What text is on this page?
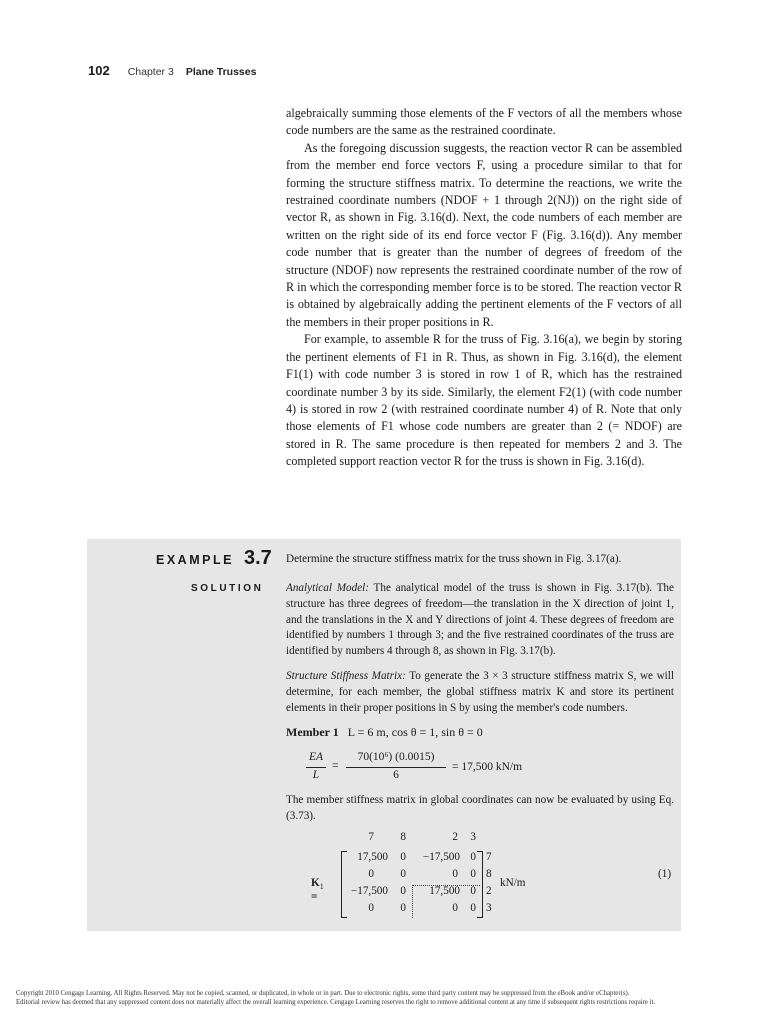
102 Chapter 3 Plane Trusses

algebraically summing those elements of the F vectors of all the members whose code numbers are the same as the restrained coordinate.

As the foregoing discussion suggests, the reaction vector R can be assembled from the member end force vectors F, using a procedure similar to that for forming the structure stiffness matrix. To determine the reactions, we write the restrained coordinate numbers (NDOF + 1 through 2(NJ)) on the right side of vector R, as shown in Fig. 3.16(d). Next, the code numbers of each member are written on the right side of its end force vector F (Fig. 3.16(d)). Any member code number that is greater than the number of degrees of freedom of the structure (NDOF) now represents the restrained coordinate number of the row of R in which the corresponding member force is to be stored. The reaction vector R is obtained by algebraically adding the pertinent elements of the F vectors of all the members in their proper positions in R.

For example, to assemble R for the truss of Fig. 3.16(a), we begin by storing the pertinent elements of F1 in R. Thus, as shown in Fig. 3.16(d), the element F1(1) with code number 3 is stored in row 1 of R, which has the restrained coordinate number 3 by its side. Similarly, the element F2(1) (with code number 4) is stored in row 2 (with restrained coordinate number 4) of R. Note that only those elements of F1 whose code numbers are greater than 2 (= NDOF) are stored in R. The same procedure is then repeated for members 2 and 3. The completed support reaction vector R for the truss is shown in Fig. 3.16(d).

EXAMPLE 3.7
SOLUTION
Determine the structure stiffness matrix for the truss shown in Fig. 3.17(a).
Analytical Model: The analytical model of the truss is shown in Fig. 3.17(b). The structure has three degrees of freedom—the translation in the X direction of joint 1, and the translations in the X and Y directions of joint 4. These degrees of freedom are identified by numbers 1 through 3; and the five restrained coordinates of the truss are identified by numbers 4 through 8, as shown in Fig. 3.17(b).
Structure Stiffness Matrix: To generate the 3 × 3 structure stiffness matrix S, we will determine, for each member, the global stiffness matrix K and store its pertinent elements in their proper positions in S by using the member's code numbers.
Member 1 L = 6 m, cos θ = 1, sin θ = 0
EA
L
=
70(10⁶) (0.0015)
6
= 17,500 kN/m
The member stiffness matrix in global coordinates can now be evaluated by using Eq. (3.73).
$K_1$ =
7	8	2	3
17,500	0	−17,500 0
0	0	0	0
−17,500	0	17,500 0
0	0	0	0
7
8
2
3
kN/m
(1)
Copyright 2010 Cengage Learning. All Rights Reserved. May not be copied, scanned, or duplicated, in whole or in part. Due to electronic rights, some third party content may be suppressed from the eBook and/or eChapter(s).
Editorial review has deemed that any suppressed content does not materially affect the overall learning experience. Cengage Learning reserves the right to remove additional content at any time if subsequent rights restrictions require it.
